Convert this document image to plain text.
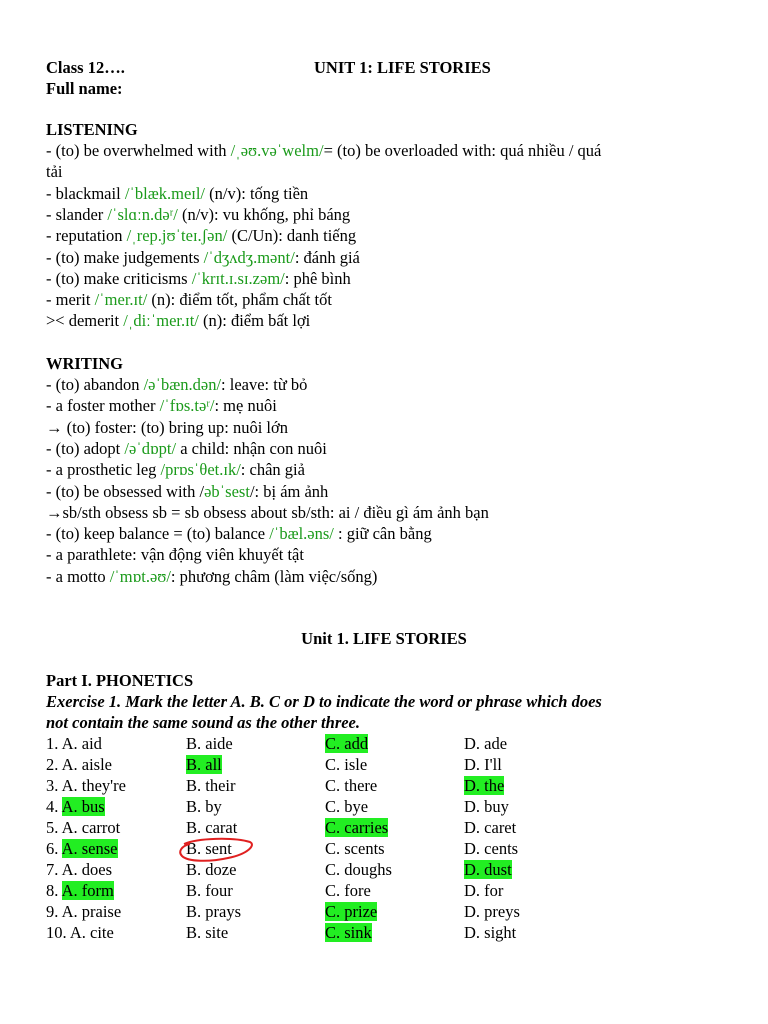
Class 12….	UNIT 1: LIFE STORIES
Full name:
LISTENING
- (to) be overwhelmed with /ˌəʊ.vəˈwelm/= (to) be overloaded with: quá nhiều / quá
tải
- blackmail /ˈblæk.meɪl/ (n/v): tống tiền
- slander /ˈslɑːn.dəʳ/ (n/v): vu khống, phỉ báng
- reputation /ˌrep.jʊˈteɪ.ʃən/ (C/Un): danh tiếng
- (to) make judgements /ˈdʒʌdʒ.mənt/: đánh giá
- (to) make criticisms /ˈkrɪt.ɪ.sɪ.zəm/: phê bình
- merit /ˈmer.ɪt/ (n): điểm tốt, phẩm chất tốt
>< demerit /ˌdiːˈmer.ɪt/ (n): điểm bất lợi
WRITING
- (to) abandon /əˈbæn.dən/: leave: từ bỏ
- a foster mother /ˈfɒs.təʳ/: mẹ nuôi
→ (to) foster: (to) bring up: nuôi lớn
- (to) adopt /əˈdɒpt/ a child: nhận con nuôi
- a prosthetic leg /prɒsˈθet.ɪk/: chân giả
- (to) be obsessed with /əbˈsest/: bị ám ảnh
→sb/sth obsess sb = sb obsess about sb/sth: ai / điều gì ám ảnh bạn
- (to) keep balance = (to) balance /ˈbæl.əns/ : giữ cân bằng
- a parathlete: vận động viên khuyết tật
- a motto /ˈmɒt.əʊ/: phương châm (làm việc/sống)
Unit 1. LIFE STORIES
Part I. PHONETICS
Exercise 1. Mark the letter A. B. C or D to indicate the word or phrase which does
not contain the same sound as the other three.
1. A. aid	B. aide	C. add	D. ade
2. A. aisle	B. all	C. isle	D. I'll
3. A. they're	B. their	C. there	D. the
4. A. bus	B. by	C. bye	D. buy
5. A. carrot	B. carat	C. carries	D. caret
6. A. sense	B. sent	C. scents	D. cents
7. A. does	B. doze	C. doughs	D. dust
8. A. form	B. four	C. fore	D. for
9. A. praise	B. prays	C. prize	D. preys
10. A. cite	B. site	C. sink	D. sight
